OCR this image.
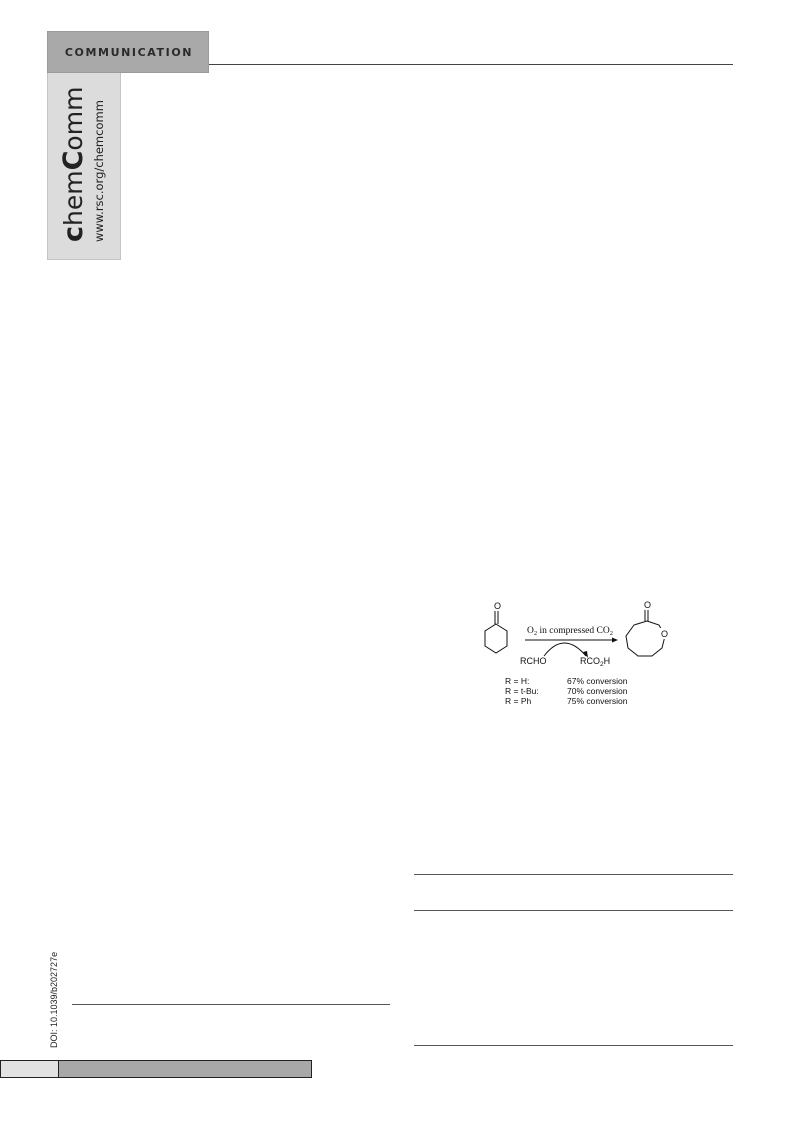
COMMUNICATION
chemComm www.rsc.org/chemcomm
O
$O_2$ in compressed $CO_2$
RCHO	$RCO_2H$
O
O
R = H:	67% conversion
R = t-Bu:	70% conversion
R = Ph	75% conversion
DOI: 10.1039/b202727e
